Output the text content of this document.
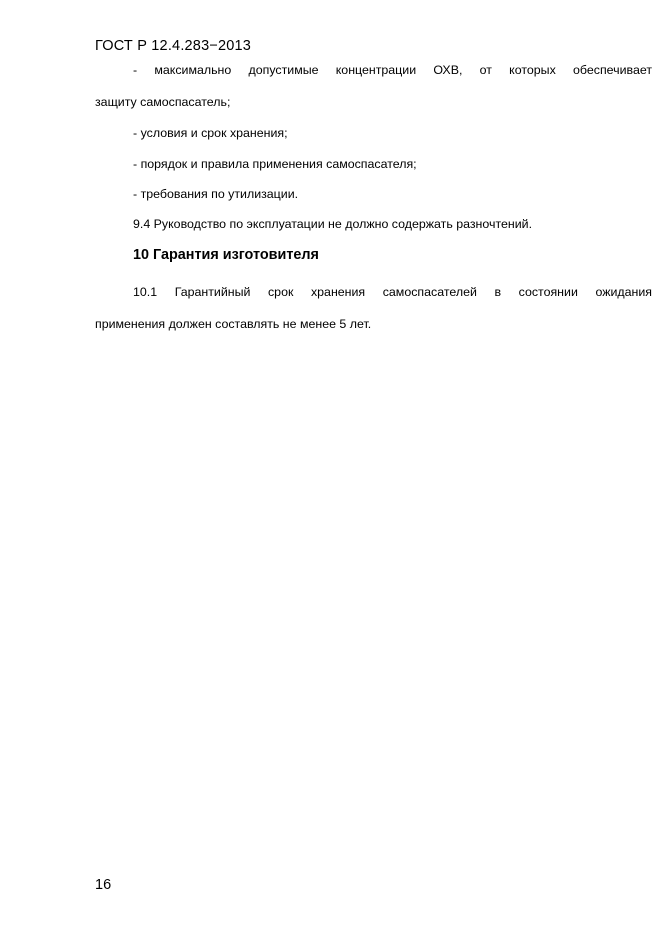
ГОСТ Р 12.4.283−2013
- максимально допустимые концентрации ОХВ, от которых обеспечивает
защиту самоспасатель;
- условия и срок хранения;
- порядок и правила применения самоспасателя;
- требования по утилизации.
9.4 Руководство по эксплуатации не должно содержать разночтений.
10 Гарантия изготовителя
10.1 Гарантийный срок хранения самоспасателей в состоянии ожидания
применения должен составлять не менее 5 лет.
16
